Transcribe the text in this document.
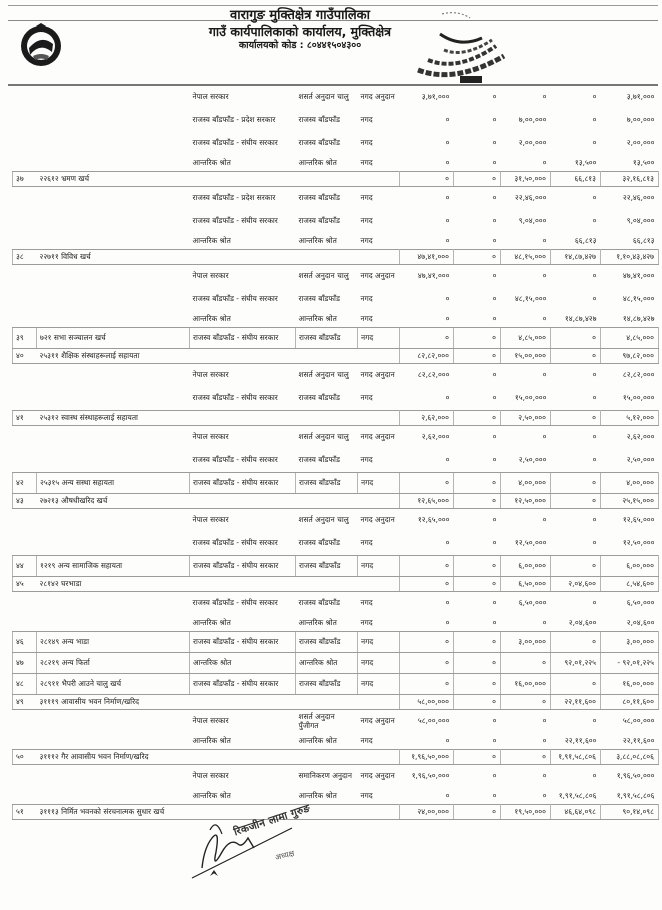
वारागुङ मुक्तिक्षेत्र गाउँपालिका
गाउँ कार्यपालिकाको कार्यालय, मुक्तिक्षेत्र
कार्यालयको कोड : ८०४४१५०४३००
		नेपाल सरकार	शसर्त अनुदान चालु	नगद अनुदान	३,७१,०००	०	०	०	३,७१,०००
		राजस्व बाँडफाँड - प्रदेश सरकार	राजस्व बाँडफाँड	नगद	०	०	७,००,०००	०	७,००,०००
		राजस्व बाँडफाँड - संघीय सरकार	राजस्व बाँडफाँड	नगद	०	०	२,००,०००	०	२,००,०००
		आन्तरिक श्रोत	आन्तरिक श्रोत	नगद	०	०	०	१३,५००	१३,५००
३७	२२६१२ भ्रमण खर्च				०	०	३१,५०,०००	६६,८१३	३२,१६,८१३
		राजस्व बाँडफाँड - प्रदेश सरकार	राजस्व बाँडफाँड	नगद	०	०	२२,४६,०००	०	२२,४६,०००
		राजस्व बाँडफाँड - संघीय सरकार	राजस्व बाँडफाँड	नगद	०	०	९,०४,०००	०	९,०४,०००
		आन्तरिक श्रोत	आन्तरिक श्रोत	नगद	०	०	०	६६,८१३	६६,८१३
३८	२२७११ विविध खर्च				४७,४१,०००	०	४८,१५,०००	१४,८७,४२७	१,१०,४३,४२७
		नेपाल सरकार	शसर्त अनुदान चालु	नगद अनुदान	४७,४१,०००	०	०	०	४७,४१,०००
		राजस्व बाँडफाँड - संघीय सरकार	राजस्व बाँडफाँड	नगद	०	०	४८,१५,०००	०	४८,१५,०००
		आन्तरिक श्रोत	आन्तरिक श्रोत	नगद	०	०	०	१४,८७,४२७	१४,८७,४२७
३९	७२१ सभा सञ्चालन खर्च	राजस्व बाँडफाँड - संघीय सरकार	राजस्व बाँडफाँड	नगद	०	०	४,८५,०००	०	४,८५,०००
४०	२५३११ शैक्षिक संस्थाहरूलाई सहायता				८२,८२,०००	०	१५,००,०००	०	९७,८२,०००
		नेपाल सरकार	शसर्त अनुदान चालु	नगद अनुदान	८२,८२,०००	०	०	०	८२,८२,०००
		राजस्व बाँडफाँड - संघीय सरकार	राजस्व बाँडफाँड	नगद	०	०	१५,००,०००	०	१५,००,०००
४१	२५३१२ स्वास्थ संस्थाहरूलाई सहायता				२,६२,०००	०	२,५०,०००	०	५,१२,०००
		नेपाल सरकार	शसर्त अनुदान चालु	नगद अनुदान	२,६२,०००	०	०	०	२,६२,०००
		राजस्व बाँडफाँड - संघीय सरकार	राजस्व बाँडफाँड	नगद	०	०	२,५०,०००	०	२,५०,०००
४२	२५३१५ अन्य सस्था सहायता	राजस्व बाँडफाँड - संघीय सरकार	राजस्व बाँडफाँड	नगद	०	०	४,००,०००	०	४,००,०००
४३	२७२१३ औषधीखरिद खर्च				१२,६५,०००	०	१२,५०,०००	०	२५,१५,०००
		नेपाल सरकार	शसर्त अनुदान चालु	नगद अनुदान	१२,६५,०००	०	०	०	१२,६५,०००
		राजस्व बाँडफाँड - संघीय सरकार	राजस्व बाँडफाँड	नगद	०	०	१२,५०,०००	०	१२,५०,०००
४४	१२१९ अन्य सामाजिक सहायता	राजस्व बाँडफाँड - संघीय सरकार	राजस्व बाँडफाँड	नगद	०	०	६,००,०००	०	६,००,०००
४५	२८१४२ घरभाडा				०	०	६,५०,०००	२,०४,६००	८,५४,६००
		राजस्व बाँडफाँड - संघीय सरकार	राजस्व बाँडफाँड	नगद	०	०	६,५०,०००	०	६,५०,०००
		आन्तरिक श्रोत	आन्तरिक श्रोत	नगद	०	०	०	२,०४,६००	२,०४,६००
४६	२८१४९ अन्य भाडा	राजस्व बाँडफाँड - संघीय सरकार	राजस्व बाँडफाँड	नगद	०	०	३,००,०००	०	३,००,०००
४७	२८२१९ अन्य फिर्ता	आन्तरिक श्रोत	आन्तरिक श्रोत	नगद	०	०	०	९२,०१,२२५	- ९२,०१,२२५
४८	२८९११ भैपरी आउने चालु खर्च	राजस्व बाँडफाँड - संघीय सरकार	राजस्व बाँडफाँड	नगद	०	०	१६,००,०००	०	१६,००,०००
४९	३१११९ आवासीय भवन निर्माण/खरिद				५८,००,०००	०	०	२२,११,६००	८०,११,६००
		नेपाल सरकार	शसर्त अनुदान पुँजीगत	नगद अनुदान	५८,००,०००	०	०	०	५८,००,०००
		आन्तरिक श्रोत	आन्तरिक श्रोत	नगद	०	०	०	२२,११,६००	२२,११,६००
५०	३१११२ गैर आवासीय भवन निर्माण/खरिद				१,९६,५०,०००	०	०	१,९१,५८,८०६	३,८८,०८,८०६
		नेपाल सरकार	समानिकरण अनुदान	नगद अनुदान	१,९६,५०,०००	०	०	०	१,९६,५०,०००
		आन्तरिक श्रोत	आन्तरिक श्रोत	नगद	०	०	०	१,९१,५८,८०६	१,९१,५८,८०६
५१	३१११३ निर्मित भवनको संरचनात्मक सुधार खर्च				२४,००,०००	०	१९,५०,०००	४६,६४,०९८	९०,१४,०९८
रिकजीन लामा गुरुङ
अध्यक्ष
